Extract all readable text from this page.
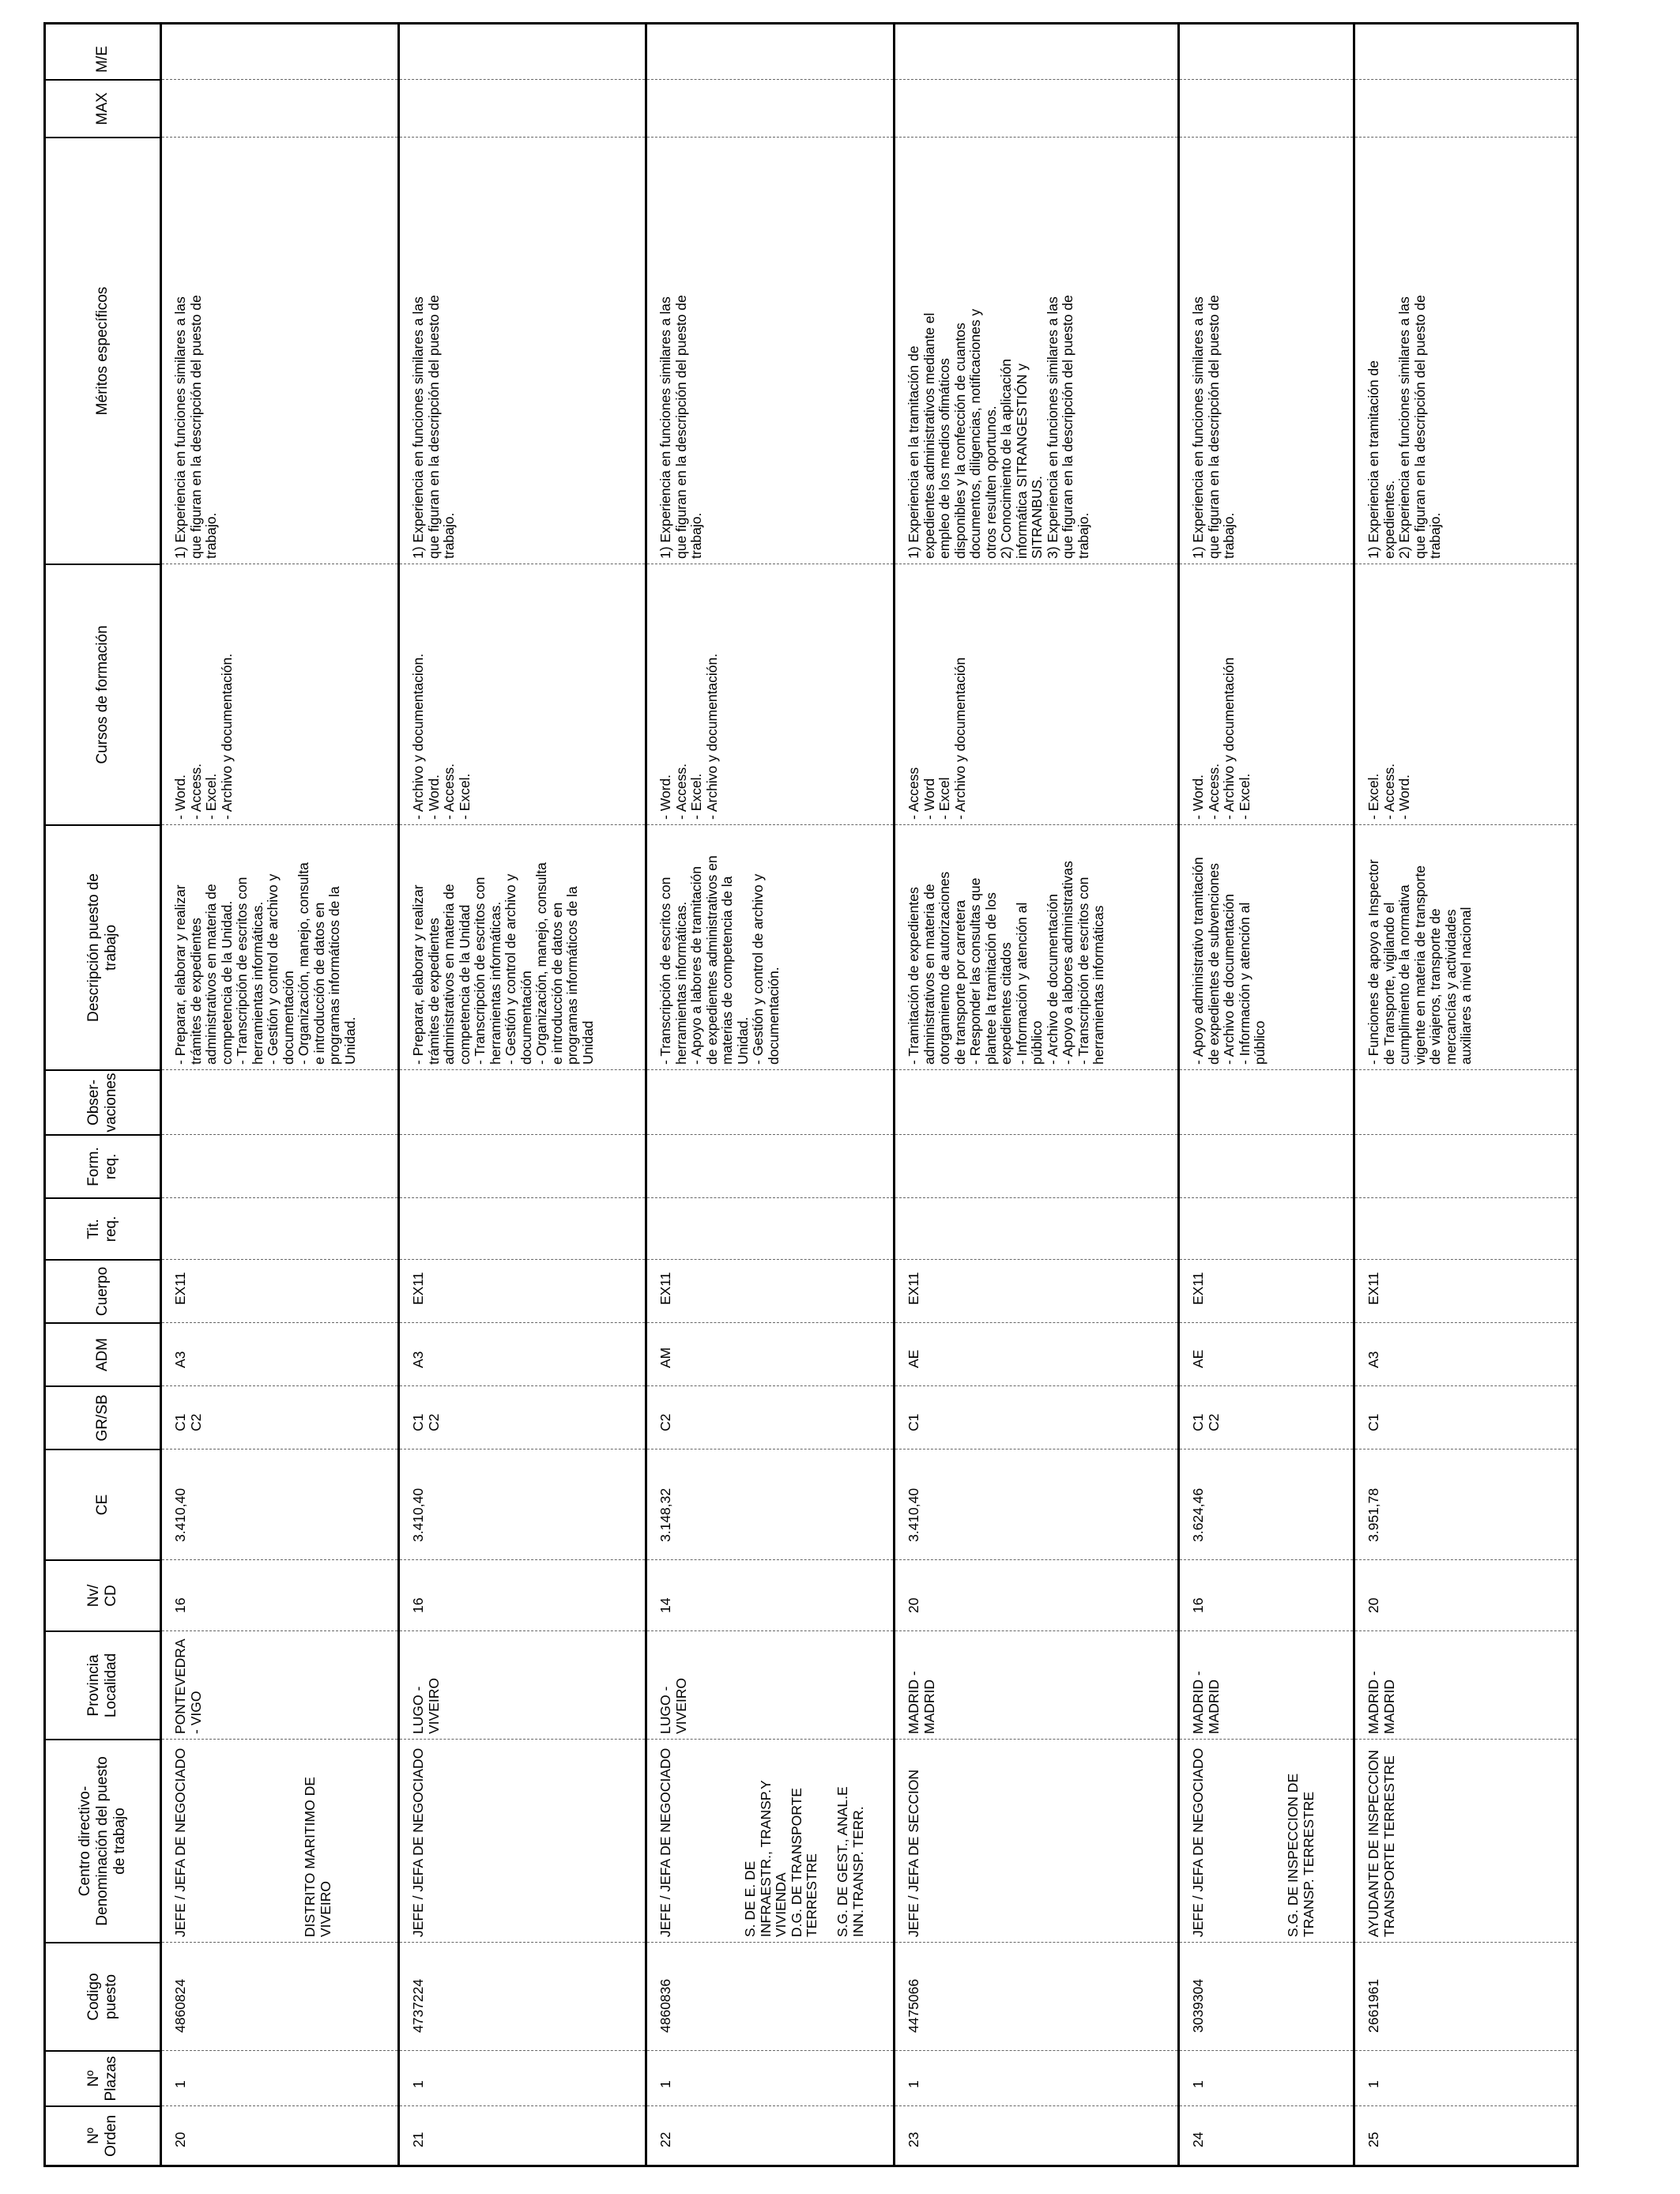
Nº
Orden
Nº
Plazas
Codigo
puesto
Centro directivo-
Denominación del puesto
de trabajo
Provincia
Localidad
Nv/
CD
CE
GR/SB
ADM
Cuerpo
Tit.
req.
Form.
req.
Obser-
vaciones
Descripción puesto de
trabajo
Cursos de formación
Méritos específicos
MAX
M/E
20
1
4860824
JEFE / JEFA DE NEGOCIADO
PONTEVEDRA
- VIGO
16
3.410,40
C1
C2
A3
EX11
- Preparar, elaborar y realizar
trámites de expedientes
administrativos en materia de
competencia de la Unidad.
- Transcripción de escritos con
herramientas informáticas.
- Gestión y control de archivo y
documentación
- Organización, manejo, consulta
e introducción de datos en
programas informáticos de la
Unidad.
- Word.
- Access.
- Excel.
- Archivo y documentación.
1) Experiencia en funciones similares a las
que figuran en la descripción del puesto de
trabajo.
21
1
4737224
JEFE / JEFA DE NEGOCIADO
LUGO -
VIVEIRO
16
3.410,40
C1
C2
A3
EX11
- Preparar, elaborar y realizar
trámites de expedientes
administrativos en materia de
competencia de la Unidad
- Transcripción de escritos con
herramientas informáticas.
- Gestión y control de archivo y
documentación
- Organización, manejo, consulta
e introducción de datos en
programas informáticos de la
Unidad
- Archivo y documentacion.
- Word.
- Access.
- Excel.
1) Experiencia en funciones similares a las
que figuran en la descripción del puesto de
trabajo.
DISTRITO MARITIMO DE
VIVEIRO
22
1
4860836
JEFE / JEFA DE NEGOCIADO
LUGO -
VIVEIRO
14
3.148,32
C2
AM
EX11
- Transcripción de escritos con
herramientas informáticas.
- Apoyo a labores de tramitación
de expedientes administrativos en
materias de competencia de la
Unidad.
- Gestión y control de archivo y
documentación.
- Word.
- Access.
- Excel.
- Archivo y documentación.
1) Experiencia en funciones similares a las
que figuran en la descripción del puesto de
trabajo.
23
1
4475066
JEFE / JEFA DE SECCION
MADRID -
MADRID
20
3.410,40
C1
AE
EX11
- Tramitación de expedientes
administrativos en materia de
otorgamiento de autorizaciones
de transporte por carretera
- Responder las consultas que
plantee la tramitación de los
expedientes citados
- Información y atención al
público
- Archivo de documentación
- Apoyo a labores administrativas
- Transcripción de escritos con
herramientas informáticas
- Access
- Word
- Excel
- Archivo y documentación
1) Experiencia en la tramitación de
expedientes administrativos mediante el
empleo de los medios ofimáticos
disponibles y la confección de cuantos
documentos, diligencias, notificaciones y
otros resulten oportunos.
2) Conocimiento de la aplicación
informática SITRANGESTIÓN y
SITRANBUS.
3) Experiencia en funciones similares a las
que figuran en la descripción del puesto de
trabajo.
S. DE E. DE
INFRAESTR., TRANSP.Y
VIVIENDA
D.G. DE TRANSPORTE
TERRESTRE

S.G. DE GEST., ANAL.E
INN.TRANSP. TERR.
24
1
3039304
JEFE / JEFA DE NEGOCIADO
MADRID -
MADRID
16
3.624,46
C1
C2
AE
EX11
- Apoyo administrativo tramitación
de expedientes de subvenciones
- Archivo de documentación
- Información y atención al
público
- Word.
- Access.
- Archivo y documentación
- Excel.
1) Experiencia en funciones similares a las
que figuran en la descripción del puesto de
trabajo.
25
1
2661961
AYUDANTE DE INSPECCION
TRANSPORTE TERRESTRE
MADRID -
MADRID
20
3.951,78
C1
A3
EX11
- Funciones de apoyo a Inspector
de Transporte, vigilando el
cumplimiento de la normativa
vigente en materia de transporte
de viajeros, transporte de
mercancías y actividades
auxiliares a nivel nacional
- Excel.
- Access.
- Word.
1) Experiencia en tramitación de
expedientes.
2) Experiencia en funciones similares a las
que figuran en la descripción del puesto de
trabajo.
S.G. DE INSPECCION DE
TRANSP. TERRESTRE
